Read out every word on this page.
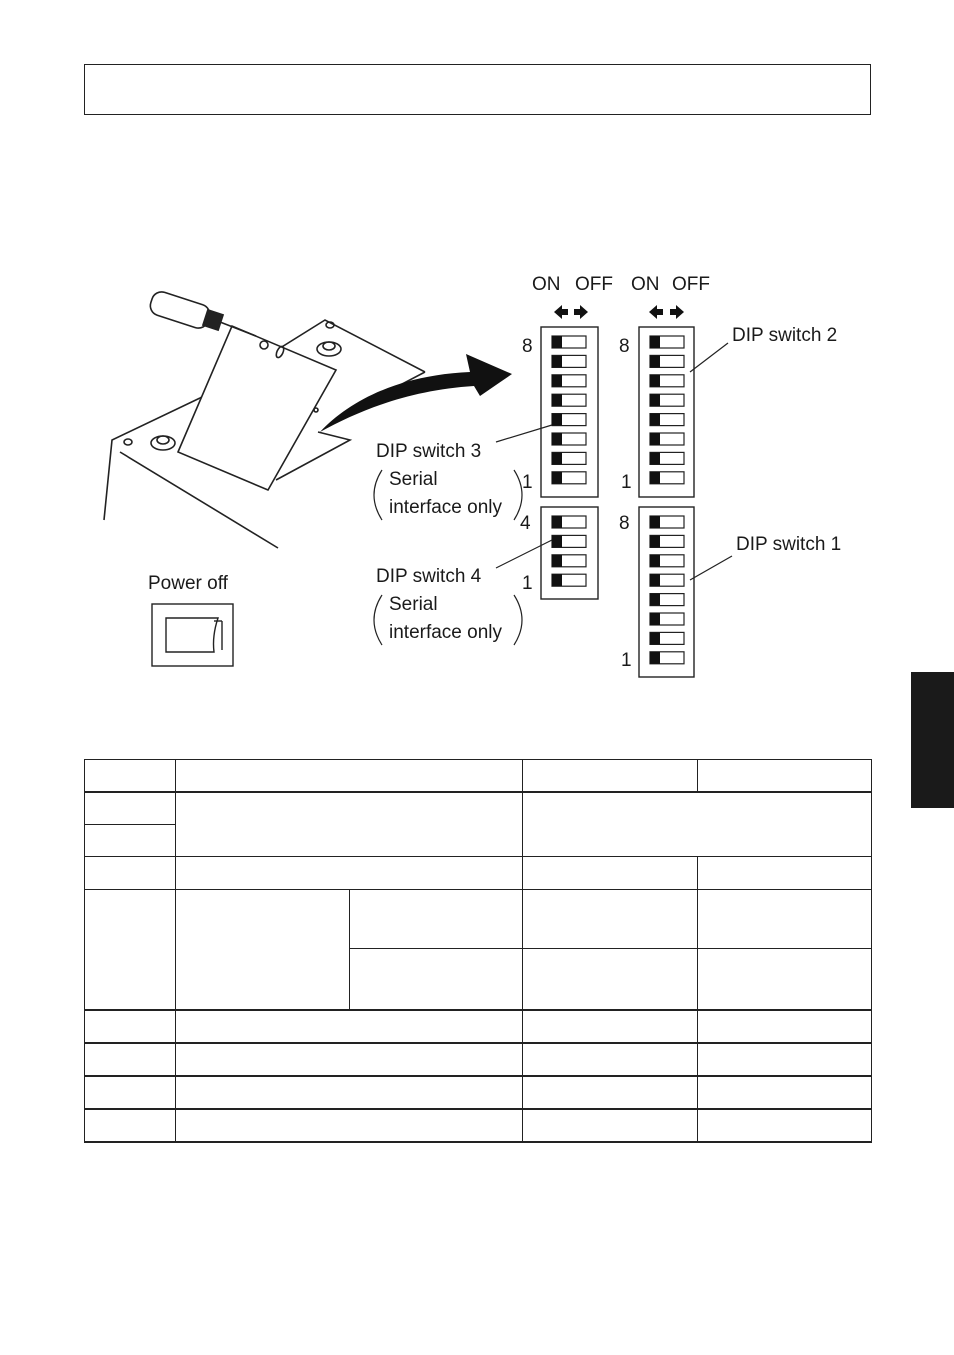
ON OFF ON OFF
8
1
8
1
4
1
8
1
DIP switch 2
DIP switch 3
Serial
interface only
DIP switch 1
DIP switch 4
Serial
interface only
Power off
